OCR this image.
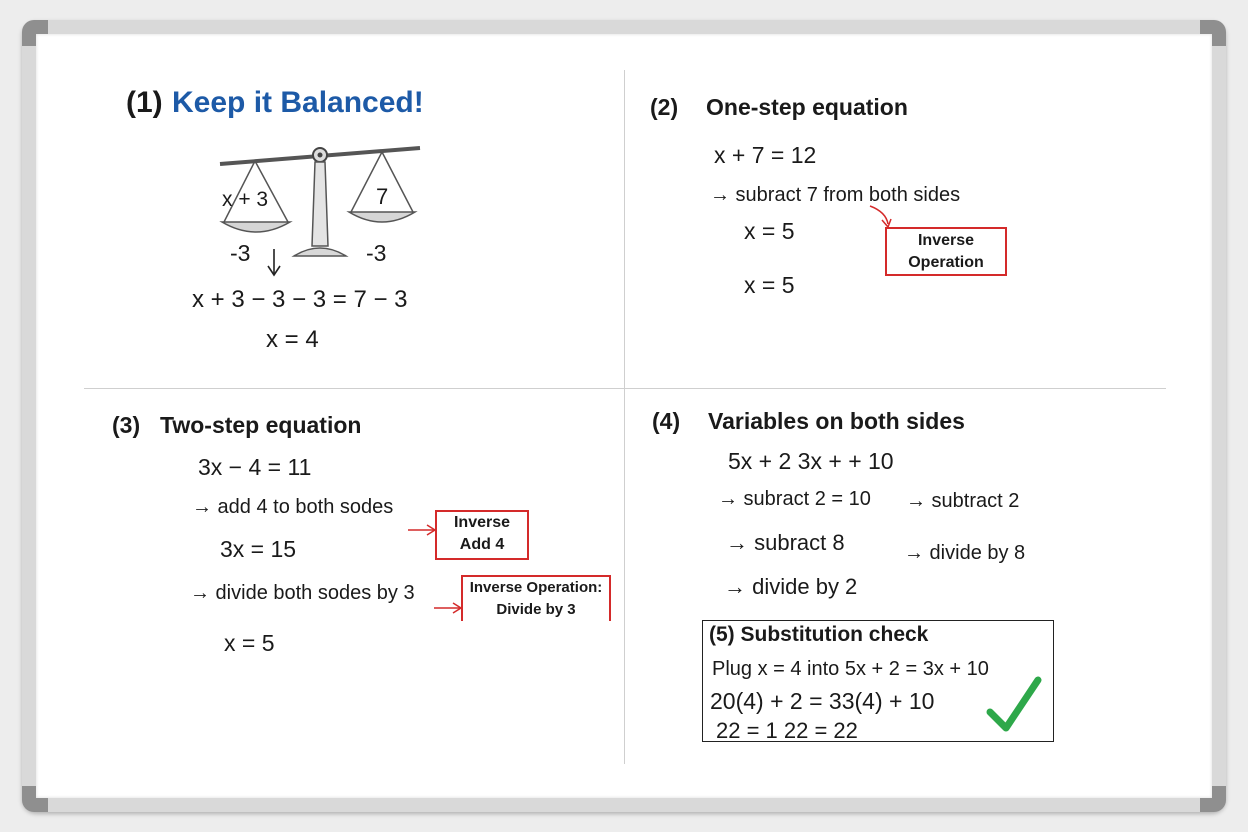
(1) Keep it Balanced!
x + 3	7
-3	-3
x + 3 − 3 − 3 = 7 − 3
x = 4
(2) One-step equation
x + 7 = 12
→ subract 7 from both sides
x = 5
x = 5
Inverse
Operation
(3) Two-step equation
3x − 4 = 11
→ add 4 to both sodes
3x = 15
→ divide both sodes by 3
x = 5
Inverse
Add 4
Inverse Operation:
Divide by 3
(4) Variables on both sides
5x + 2 3x + + 10
→ subract 2 = 10 → subtract 2
→ subract 8	→ divide by 8
→ divide by 2
(5) Substitution check
Plug x = 4 into 5x + 2 = 3x + 10
20(4) + 2 = 33(4) + 10
22 = 1 22 = 22
